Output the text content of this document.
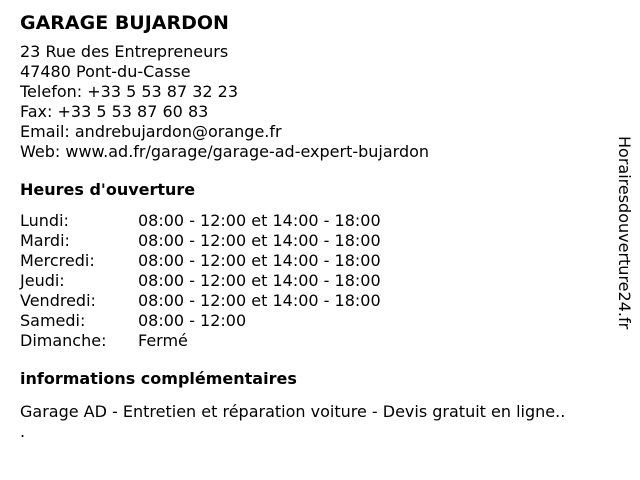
GARAGE BUJARDON
23 Rue des Entrepreneurs
47480 Pont-du-Casse
Telefon: +33 5 53 87 32 23
Fax: +33 5 53 87 60 83
Email: andrebujardon@orange.fr
Web: www.ad.fr/garage/garage-ad-expert-bujardon
Heures d'ouverture
Lundi:	08:00 - 12:00 et 14:00 - 18:00
Mardi:	08:00 - 12:00 et 14:00 - 18:00
Mercredi:	08:00 - 12:00 et 14:00 - 18:00
Jeudi:	08:00 - 12:00 et 14:00 - 18:00
Vendredi:	08:00 - 12:00 et 14:00 - 18:00
Samedi:	08:00 - 12:00
Dimanche:	Fermé
informations complémentaires
Garage AD - Entretien et réparation voiture - Devis gratuit en ligne..
.
Horairesdouverture24.fr
